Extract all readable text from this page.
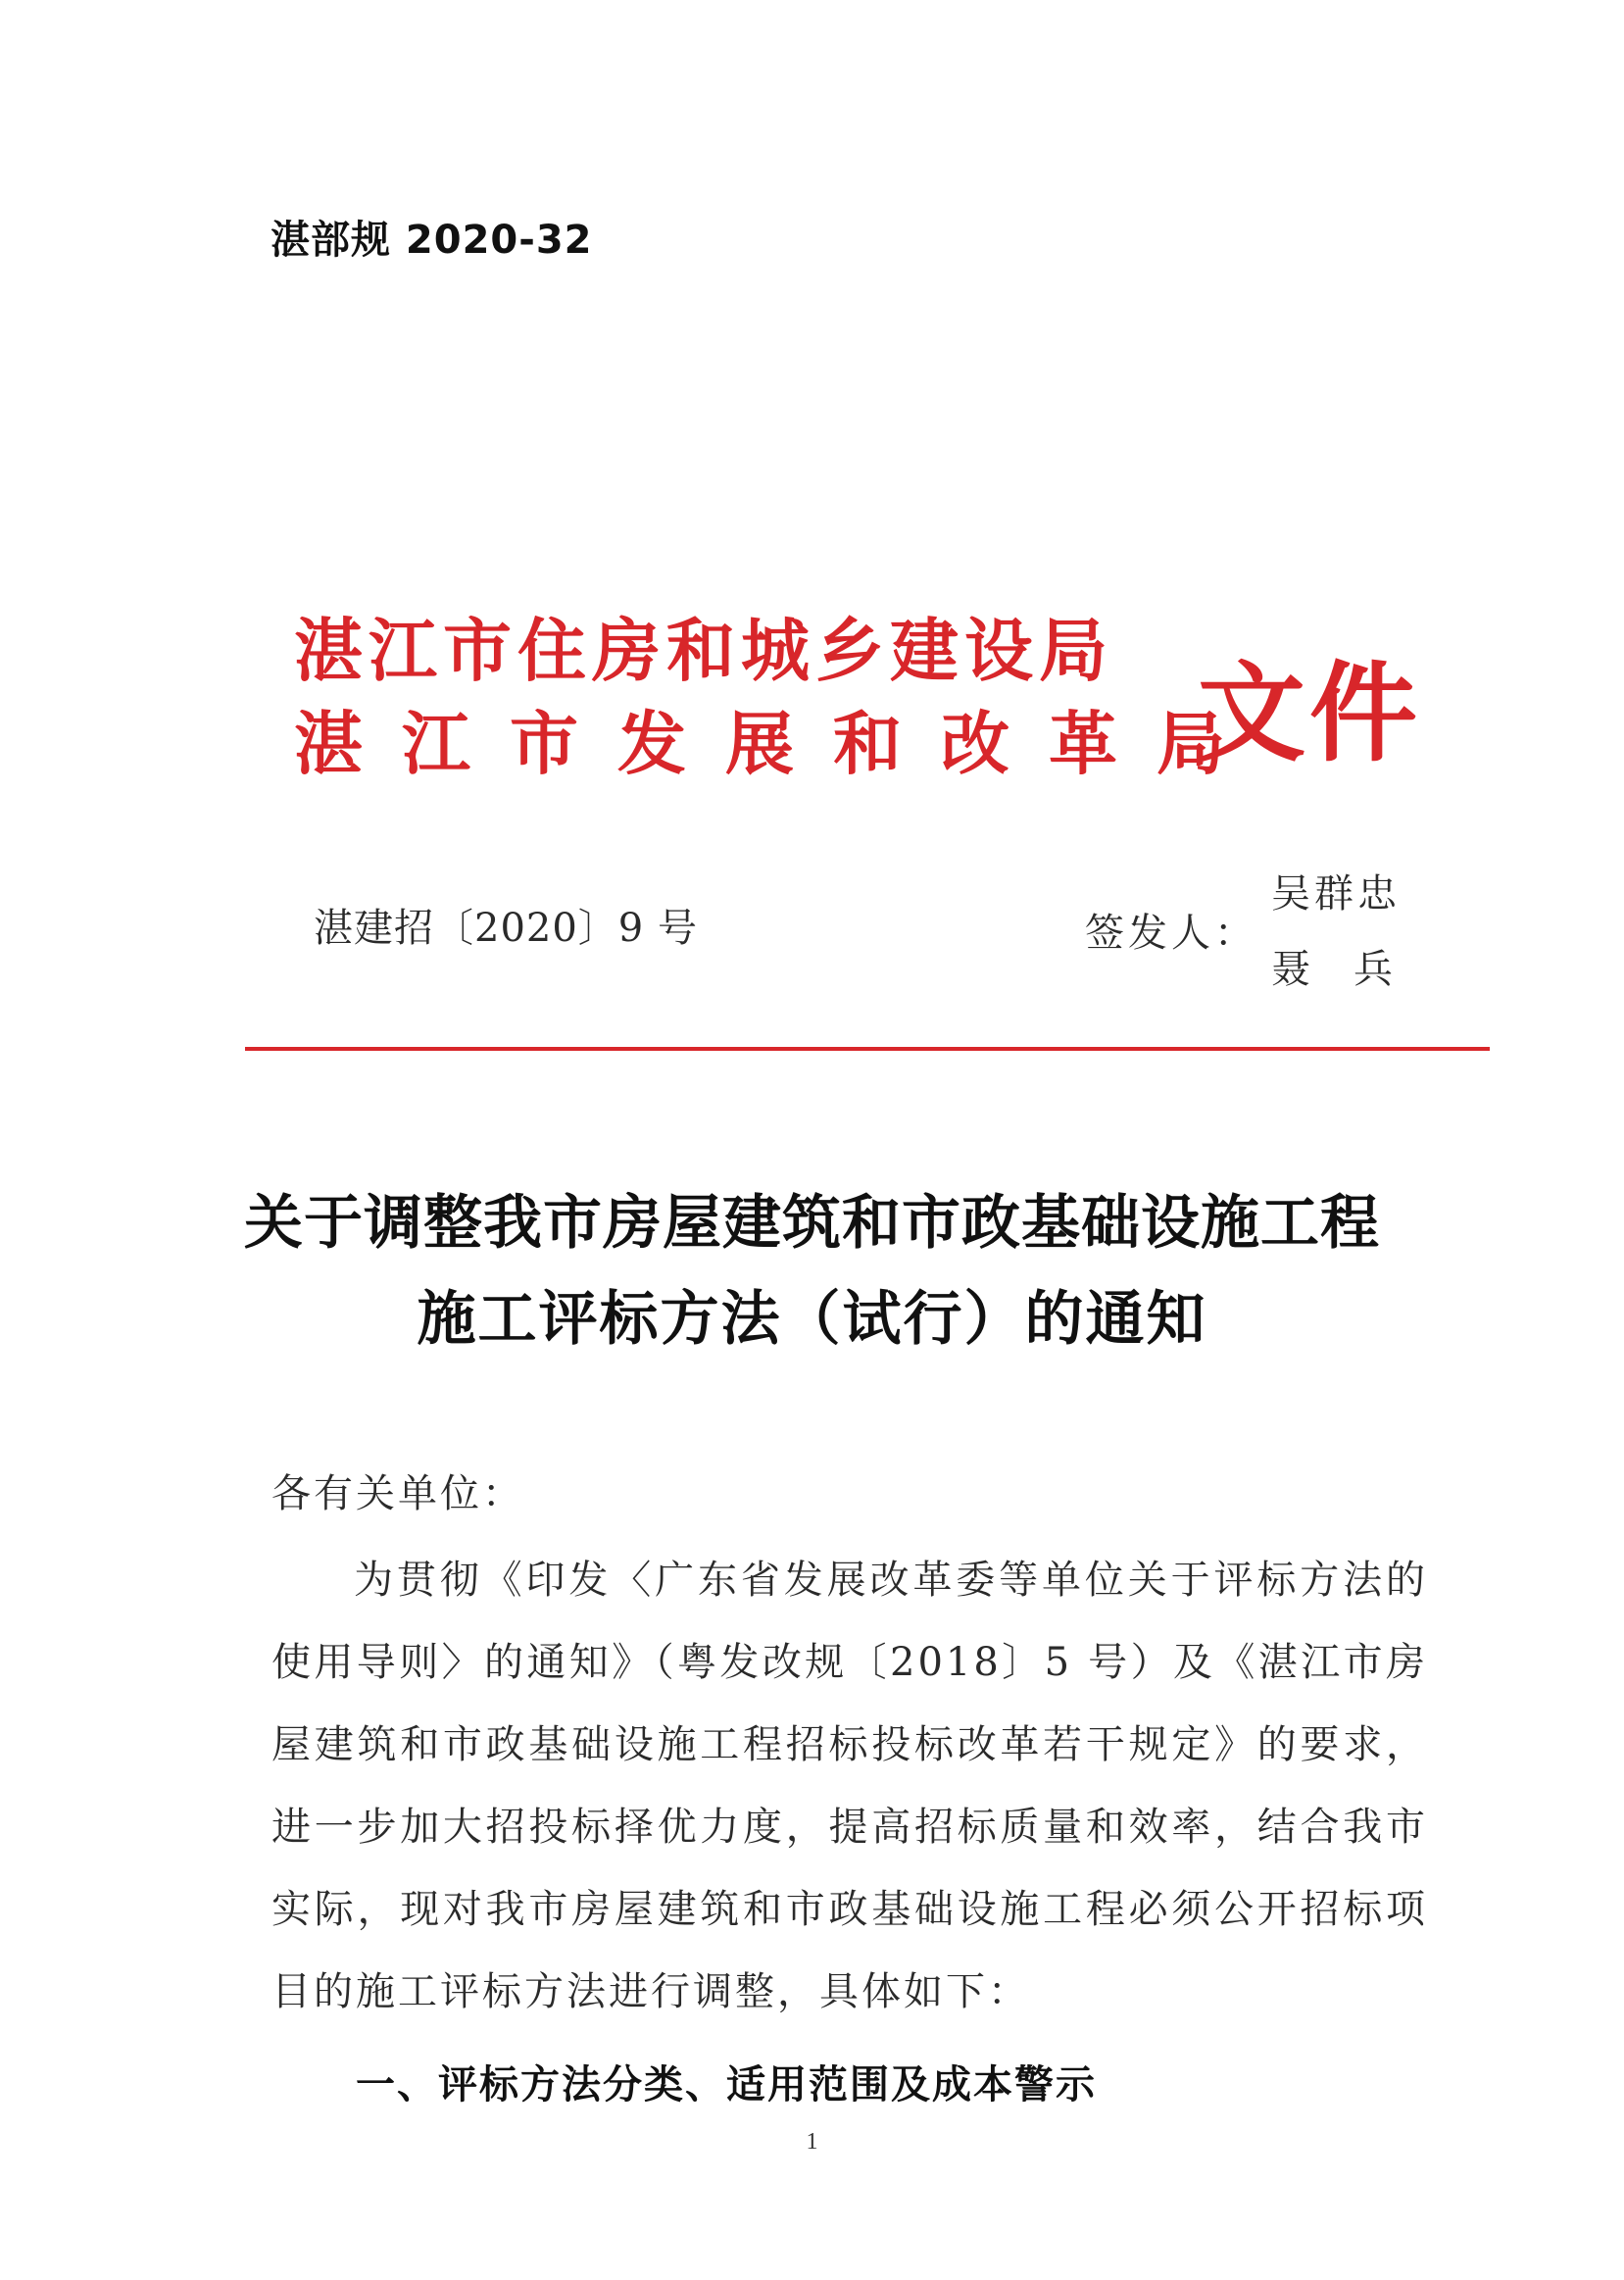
湛部规 2020-32
湛江市住房和城乡建设局
湛江市发展和改革局
文件
湛建招〔2020〕9 号	签发人：
吴群忠
聂兵
关于调整我市房屋建筑和市政基础设施工程
施工评标方法（试行）的通知
各有关单位：
为贯彻《印发〈广东省发展改革委等单位关于评标方法的使用导则〉的通知》（粤发改规〔2018〕5 号）及《湛江市房屋建筑和市政基础设施工程招标投标改革若干规定》的要求，进一步加大招投标择优力度，提高招标质量和效率，结合我市实际，现对我市房屋建筑和市政基础设施工程必须公开招标项目的施工评标方法进行调整，具体如下：
一、评标方法分类、适用范围及成本警示
1
